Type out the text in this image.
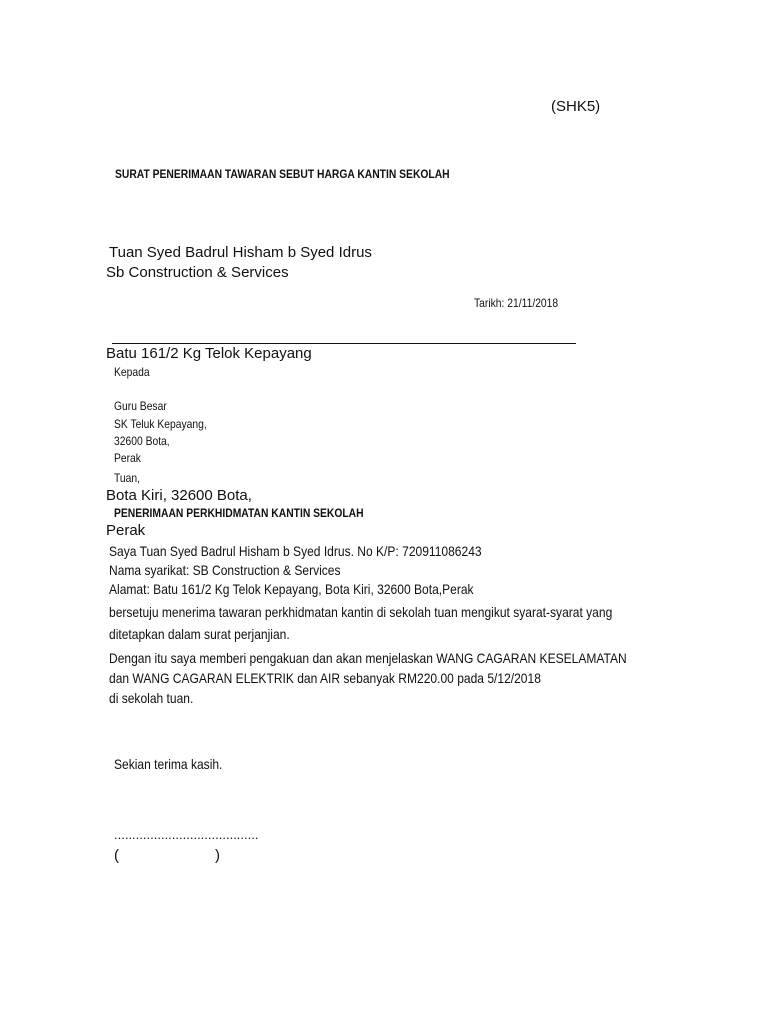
(SHK5)
SURAT PENERIMAAN TAWARAN SEBUT HARGA KANTIN SEKOLAH
Tuan Syed Badrul Hisham b Syed Idrus
Sb Construction & Services
Tarikh: 21/11/2018
Batu 161/2 Kg Telok Kepayang
Kepada
Guru Besar
SK Teluk Kepayang,
32600 Bota,
Perak
Tuan,
Bota Kiri, 32600 Bota,
PENERIMAAN PERKHIDMATAN KANTIN SEKOLAH
Perak
Saya Tuan Syed Badrul Hisham b Syed Idrus. No K/P: 720911086243
Nama syarikat: SB Construction & Services
Alamat: Batu 161/2 Kg Telok Kepayang, Bota Kiri, 32600 Bota,Perak
bersetuju menerima tawaran perkhidmatan kantin di sekolah tuan mengikut syarat-syarat yang
ditetapkan dalam surat perjanjian.
Dengan itu saya memberi pengakuan dan akan menjelaskan WANG CAGARAN KESELAMATAN
dan WANG CAGARAN ELEKTRIK dan AIR sebanyak RM220.00 pada 5/12/2018
di sekolah tuan.
Sekian terima kasih.
........................................
(	)
